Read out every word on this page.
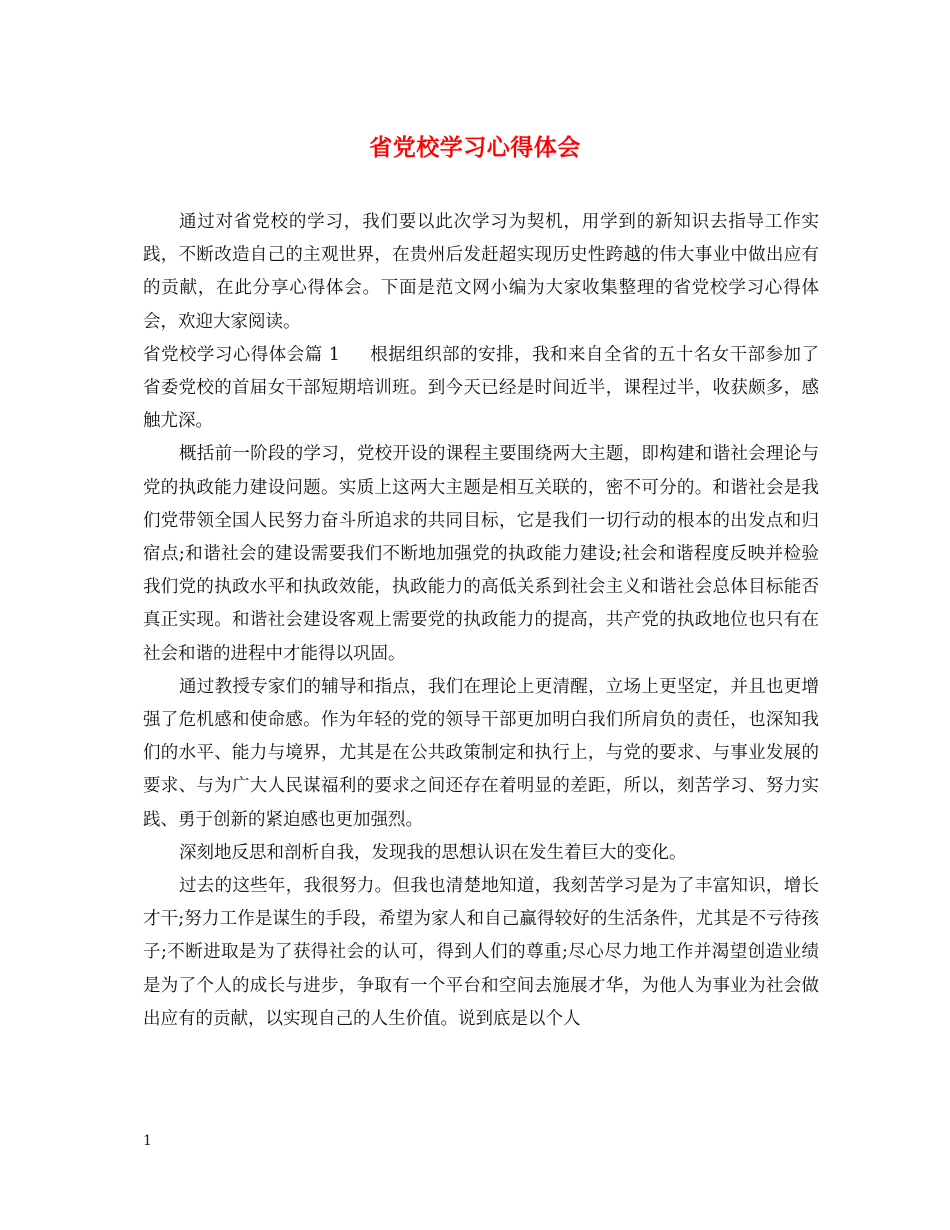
省党校学习心得体会

通过对省党校的学习，我们要以此次学习为契机，用学到的新知识去指导工作实践，不断改造自己的主观世界，在贵州后发赶超实现历史性跨越的伟大事业中做出应有的贡献，在此分享心得体会。下面是范文网小编为大家收集整理的省党校学习心得体会，欢迎大家阅读。

省党校学习心得体会篇 1 根据组织部的安排，我和来自全省的五十名女干部参加了省委党校的首届女干部短期培训班。到今天已经是时间近半，课程过半，收获颇多，感触尤深。

概括前一阶段的学习，党校开设的课程主要围绕两大主题，即构建和谐社会理论与党的执政能力建设问题。实质上这两大主题是相互关联的，密不可分的。和谐社会是我们党带领全国人民努力奋斗所追求的共同目标，它是我们一切行动的根本的出发点和归宿点;和谐社会的建设需要我们不断地加强党的执政能力建设;社会和谐程度反映并检验我们党的执政水平和执政效能，执政能力的高低关系到社会主义和谐社会总体目标能否真正实现。和谐社会建设客观上需要党的执政能力的提高，共产党的执政地位也只有在社会和谐的进程中才能得以巩固。

通过教授专家们的辅导和指点，我们在理论上更清醒，立场上更坚定，并且也更增强了危机感和使命感。作为年轻的党的领导干部更加明白我们所肩负的责任，也深知我们的水平、能力与境界，尤其是在公共政策制定和执行上，与党的要求、与事业发展的要求、与为广大人民谋福利的要求之间还存在着明显的差距，所以，刻苦学习、努力实践、勇于创新的紧迫感也更加强烈。

深刻地反思和剖析自我，发现我的思想认识在发生着巨大的变化。

过去的这些年，我很努力。但我也清楚地知道，我刻苦学习是为了丰富知识，增长才干;努力工作是谋生的手段，希望为家人和自己赢得较好的生活条件，尤其是不亏待孩子;不断进取是为了获得社会的认可，得到人们的尊重;尽心尽力地工作并渴望创造业绩是为了个人的成长与进步，争取有一个平台和空间去施展才华，为他人为事业为社会做出应有的贡献，以实现自己的人生价值。说到底是以个人

1
